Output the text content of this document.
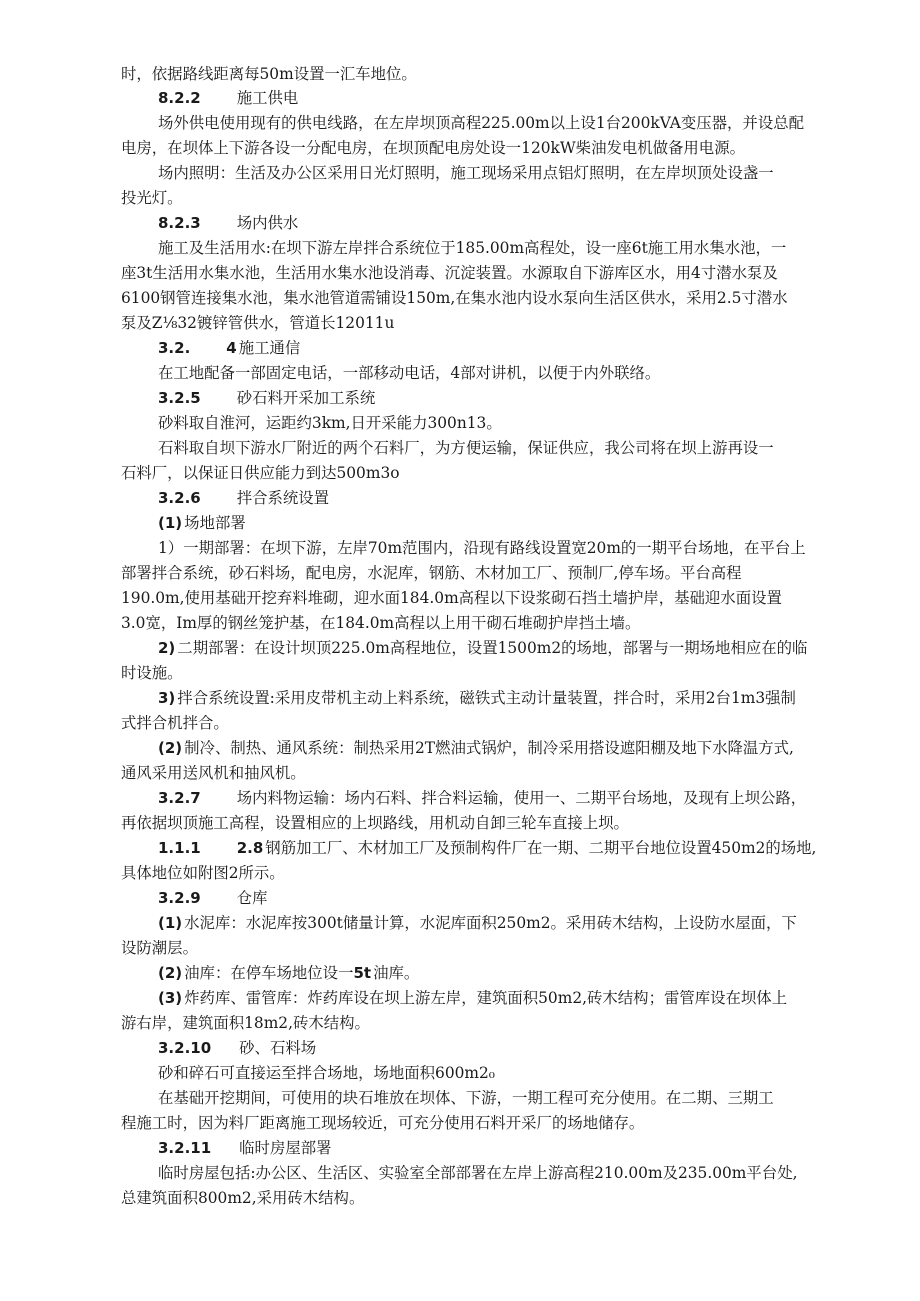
时，依据路线距离每50m设置一汇车地位。
8.2.2 施工供电
场外供电使用现有的供电线路，在左岸坝顶高程225.00m以上设1台200kVA变压器，并设总配
电房，在坝体上下游各设一分配电房，在坝顶配电房处设一120kW柴油发电机做备用电源。
场内照明：生活及办公区采用日光灯照明，施工现场采用点铝灯照明，在左岸坝顶处设盏一
投光灯。
8.2.3 场内供水
施工及生活用水:在坝下游左岸拌合系统位于185.00m高程处，设一座6t施工用水集水池，一
座3t生活用水集水池，生活用水集水池设消毒、沉淀装置。水源取自下游库区水，用4寸潜水泵及
6100钢管连接集水池，集水池管道需铺设150m,在集水池内设水泵向生活区供水，采用2.5寸潜水
泵及Z⅛32镀锌管供水，管道长12011u
3.2. 4 施工通信
在工地配备一部固定电话，一部移动电话，4部对讲机，以便于内外联络。
3.2.5 砂石料开采加工系统
砂料取自淮河，运距约3km,日开采能力300n13。
石料取自坝下游水厂附近的两个石料厂，为方便运输，保证供应，我公司将在坝上游再设一
石料厂，以保证日供应能力到达500m3o
3.2.6 拌合系统设置
(1) 场地部署
1）一期部署：在坝下游，左岸70m范围内，沿现有路线设置宽20m的一期平台场地，在平台上
部署拌合系统，砂石料场，配电房，水泥库，钢筋、木材加工厂、预制厂,停车场。平台高程
190.0m,使用基础开挖弃料堆砌，迎水面184.0m高程以下设浆砌石挡土墙护岸，基础迎水面设置
3.0宽，Im厚的钢丝笼护基，在184.0m高程以上用干砌石堆砌护岸挡土墙。
2) 二期部署：在设计坝顶225.0m高程地位，设置1500m2的场地，部署与一期场地相应在的临
时设施。
3) 拌合系统设置:采用皮带机主动上料系统，磁铁式主动计量装置，拌合时，采用2台1m3强制
式拌合机拌合。
(2) 制冷、制热、通风系统：制热采用2T燃油式锅炉，制冷采用搭设遮阳棚及地下水降温方式,
通风采用送风机和抽风机。
3.2.7 场内料物运输：场内石料、拌合料运输，使用一、二期平台场地，及现有上坝公路，
再依据坝顶施工高程，设置相应的上坝路线，用机动自卸三轮车直接上坝。
1.1.1 2.8 钢筋加工厂、木材加工厂及预制构件厂在一期、二期平台地位设置450m2的场地,
具体地位如附图2所示。
3.2.9 仓库
(1) 水泥库：水泥库按300t储量计算，水泥库面积250m2。采用砖木结构，上设防水屋面，下
设防潮层。
(2) 油库：在停车场地位设一 5t 油库。
(3) 炸药库、雷管库：炸药库设在坝上游左岸，建筑面积50m2,砖木结构；雷管库设在坝体上
游右岸，建筑面积18m2,砖木结构。
3.2.10 砂、石料场
砂和碎石可直接运至拌合场地，场地面积600m2₀
在基础开挖期间，可使用的块石堆放在坝体、下游，一期工程可充分使用。在二期、三期工
程施工时，因为料厂距离施工现场较近，可充分使用石料开采厂的场地储存。
3.2.11 临时房屋部署
临时房屋包括:办公区、生活区、实验室全部部署在左岸上游高程210.00m及235.00m平台处,
总建筑面积800m2,采用砖木结构。
